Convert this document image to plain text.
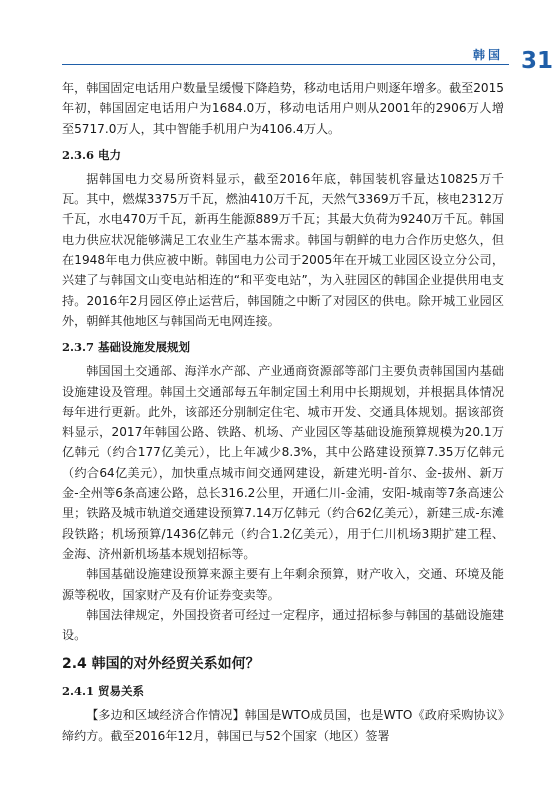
韩国 31

年，韩国固定电话用户数量呈缓慢下降趋势，移动电话用户则逐年增多。截至2015年初，韩国固定电话用户为1684.0万，移动电话用户则从2001年的2906万人增至5717.0万人，其中智能手机用户为4106.4万人。

2.3.6 电力

据韩国电力交易所资料显示，截至2016年底，韩国装机容量达10825万千瓦。其中，燃煤3375万千瓦，燃油410万千瓦，天然气3369万千瓦，核电2312万千瓦，水电470万千瓦，新再生能源889万千瓦；其最大负荷为9240万千瓦。韩国电力供应状况能够满足工农业生产基本需求。韩国与朝鲜的电力合作历史悠久，但在1948年电力供应被中断。韩国电力公司于2005年在开城工业园区设立分公司，兴建了与韩国文山变电站相连的“和平变电站”，为入驻园区的韩国企业提供用电支持。2016年2月园区停止运营后，韩国随之中断了对园区的供电。除开城工业园区外，朝鲜其他地区与韩国尚无电网连接。

2.3.7 基础设施发展规划

韩国国土交通部、海洋水产部、产业通商资源部等部门主要负责韩国国内基础设施建设及管理。韩国土交通部每五年制定国土利用中长期规划，并根据具体情况每年进行更新。此外，该部还分别制定住宅、城市开发、交通具体规划。据该部资料显示，2017年韩国公路、铁路、机场、产业园区等基础设施预算规模为20.1万亿韩元（约合177亿美元），比上年减少8.3%，其中公路建设预算7.35万亿韩元（约合64亿美元），加快重点城市间交通网建设，新建光明-首尔、金-拔州、新万金-全州等6条高速公路，总长316.2公里，开通仁川-金浦，安阳-城南等7条高速公里；铁路及城市轨道交通建设预算7.14万亿韩元（约合62亿美元），新建三成-东滩段铁路；机场预算/1436亿韩元（约合1.2亿美元），用于仁川机场3期扩建工程、金海、济州新机场基本规划招标等。

韩国基础设施建设预算来源主要有上年剩余预算，财产收入，交通、环境及能源等税收，国家财产及有价证券变卖等。

韩国法律规定，外国投资者可经过一定程序，通过招标参与韩国的基础设施建设。

2.4 韩国的对外经贸关系如何？
2.4.1 贸易关系

【多边和区域经济合作情况】韩国是WTO成员国，也是WTO《政府采购协议》缔约方。截至2016年12月，韩国已与52个国家（地区）签署
